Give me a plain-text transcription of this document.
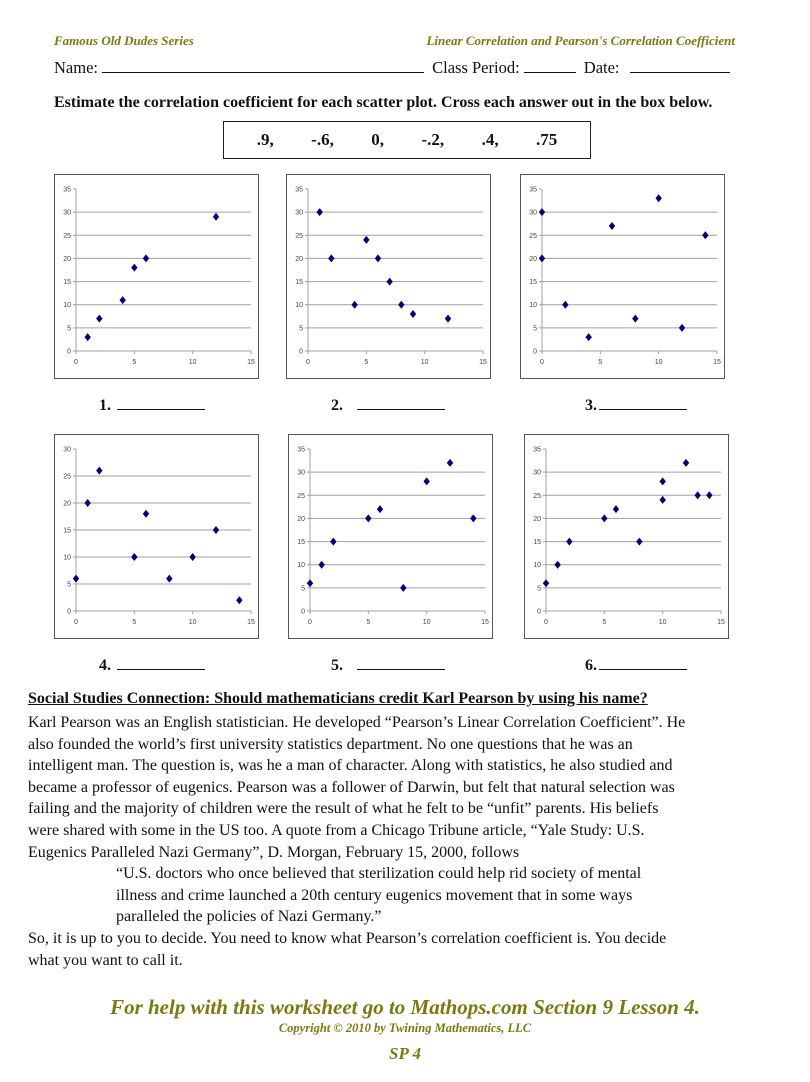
Famous Old Dudes Series	Linear Correlation and Pearson's Correlation Coefficient
Name:	Class Period:	Date:
Estimate the correlation coefficient for each scatter plot. Cross each answer out in the box below.
.9, -.6, 0, -.2, .4, .75
0
5
10
15
20
25
30
35
0	5	10	15
0
5
10
15
20
25
30
35
0	5	10	15
0
5
10
15
20
25
30
35
0	5	10	15
1.	2.	3.
0
5
10
15
20
25
30
0	5	10	15
0
5
10
15
20
25
30
35
0	5	10	15
0
5
10
15
20
25
30
35
0	5	10	15
4.	5.	6.
Social Studies Connection: Should mathematicians credit Karl Pearson by using his name?

Karl Pearson was an English statistician. He developed “Pearson’s Linear Correlation Coefficient”. He

also founded the world’s first university statistics department. No one questions that he was an

intelligent man. The question is, was he a man of character. Along with statistics, he also studied and

became a professor of eugenics. Pearson was a follower of Darwin, but felt that natural selection was

failing and the majority of children were the result of what he felt to be “unfit” parents. His beliefs

were shared with some in the US too. A quote from a Chicago Tribune article, “Yale Study: U.S.

Eugenics Paralleled Nazi Germany”, D. Morgan, February 15, 2000, follows

“U.S. doctors who once believed that sterilization could help rid society of mental

illness and crime launched a 20th century eugenics movement that in some ways

paralleled the policies of Nazi Germany.”

So, it is up to you to decide. You need to know what Pearson’s correlation coefficient is. You decide

what you want to call it.

For help with this worksheet go to Mathops.com Section 9 Lesson 4.
Copyright © 2010 by Twining Mathematics, LLC
SP 4
